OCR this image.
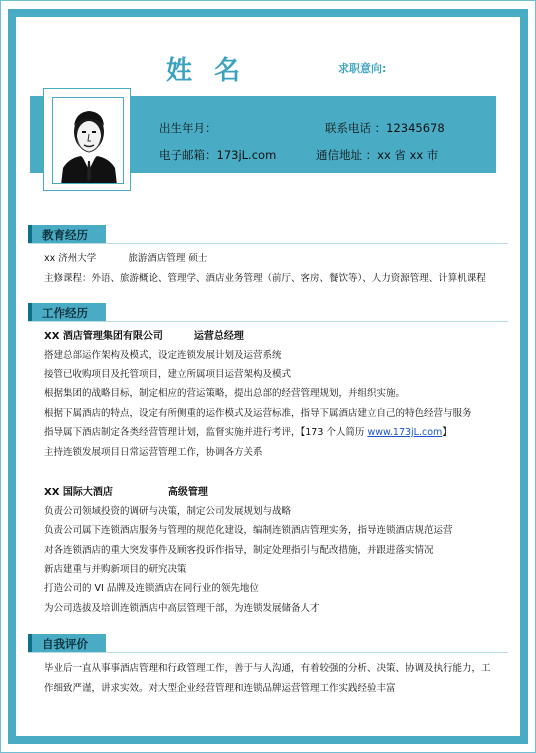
姓名	求职意向:
出生年月：	联系电话 ：12345678
电子邮箱：173jL.com	通信地址 ：xx 省 xx 市
教育经历
xx 济州大学	旅游酒店管理 硕士
主修课程：外语、旅游概论、管理学、酒店业务管理（前厅、客房、餐饮等）、人力资源管理、计算机课程
工作经历
XX 酒店管理集团有限公司	运营总经理
搭建总部运作架构及模式，设定连锁发展计划及运营系统
接管已收购项目及托管项目，建立所属项目运营架构及模式
根据集团的战略目标，制定相应的营运策略，提出总部的经营管理规划，并组织实施。
根据下属酒店的特点，设定有所侧重的运作模式及运营标准，指导下属酒店建立自己的特色经营与服务
指导属下酒店制定各类经营管理计划，监督实施并进行考评，【173 个人简历 www.173jL.com】
主持连锁发展项目日常运营管理工作，协调各方关系
XX 国际大酒店	高级管理
负责公司领域投资的调研与决策，制定公司发展规划与战略
负责公司属下连锁酒店服务与管理的规范化建设，编制连锁酒店管理实务，指导连锁酒店规范运营
对各连锁酒店的重大突发事件及顾客投诉作指导，制定处理指引与配改措施，并跟进落实情况
新店建重与并购新项目的研究决策
打造公司的 VI 品牌及连锁酒店在同行业的领先地位
为公司选拔及培训连锁酒店中高层管理干部，为连锁发展储备人才
自我评价
毕业后一直从事事酒店管理和行政管理工作，善于与人沟通，有着较强的分析、决策、协调及执行能力，工
作细致严谨，讲求实效。对大型企业经营管理和连锁品牌运营管理工作实践经验丰富
